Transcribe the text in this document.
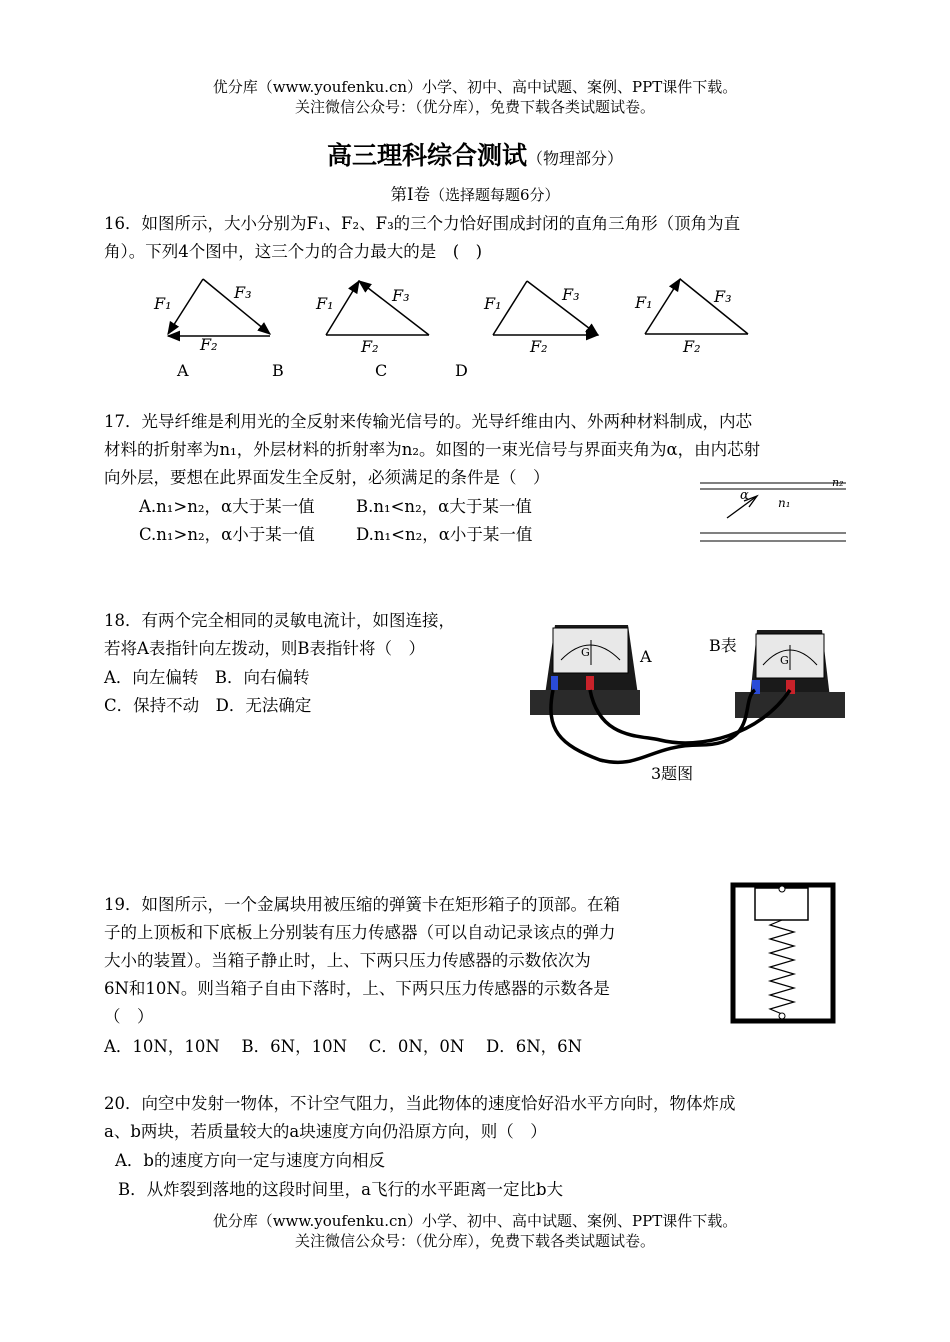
优分库（www.youfenku.cn）小学、初中、高中试题、案例、PPT课件下载。
关注微信公众号：（优分库），免费下载各类试题试卷。
高三理科综合测试（物理部分）
第Ⅰ卷（选择题每题6分）
16．如图所示，大小分别为F₁、F₂、F₃的三个力恰好围成封闭的直角三角形（顶角为直
角）。下列4个图中，这三个力的合力最大的是　(　)
F₁
F₃
F₂
F₁	F₃
F₂
F₁	F₃
F₂
F₁	F₃
F₂
A	B	C	D
17．光导纤维是利用光的全反射来传输光信号的。光导纤维由内、外两种材料制成，内芯
材料的折射率为n₁，外层材料的折射率为n₂。如图的一束光信号与界面夹角为α，由内芯射
向外层，要想在此界面发生全反射，必须满足的条件是（　）
A.n₁>n₂，α大于某一值	B.n₁<n₂，α大于某一值
C.n₁>n₂，α小于某一值	D.n₁<n₂，α小于某一值
n₂
α n₁
18．有两个完全相同的灵敏电流计，如图连接，
若将A表指针向左拨动，则B表指针将（　）
A．向左偏转　B．向右偏转
C．保持不动　D．无法确定
G
G
A
B表
3题图
19．如图所示，一个金属块用被压缩的弹簧卡在矩形箱子的顶部。在箱
子的上顶板和下底板上分别装有压力传感器（可以自动记录该点的弹力
大小的装置）。当箱子静止时，上、下两只压力传感器的示数依次为
6N和10N。则当箱子自由下落时，上、下两只压力传感器的示数各是
（　）
A．10N，10N　 B．6N，10N　 C．0N，0N　 D．6N，6N
20．向空中发射一物体，不计空气阻力，当此物体的速度恰好沿水平方向时，物体炸成
a、b两块，若质量较大的a块速度方向仍沿原方向，则（　）
A．b的速度方向一定与速度方向相反
B．从炸裂到落地的这段时间里，a飞行的水平距离一定比b大
优分库（www.youfenku.cn）小学、初中、高中试题、案例、PPT课件下载。
关注微信公众号：（优分库），免费下载各类试题试卷。
